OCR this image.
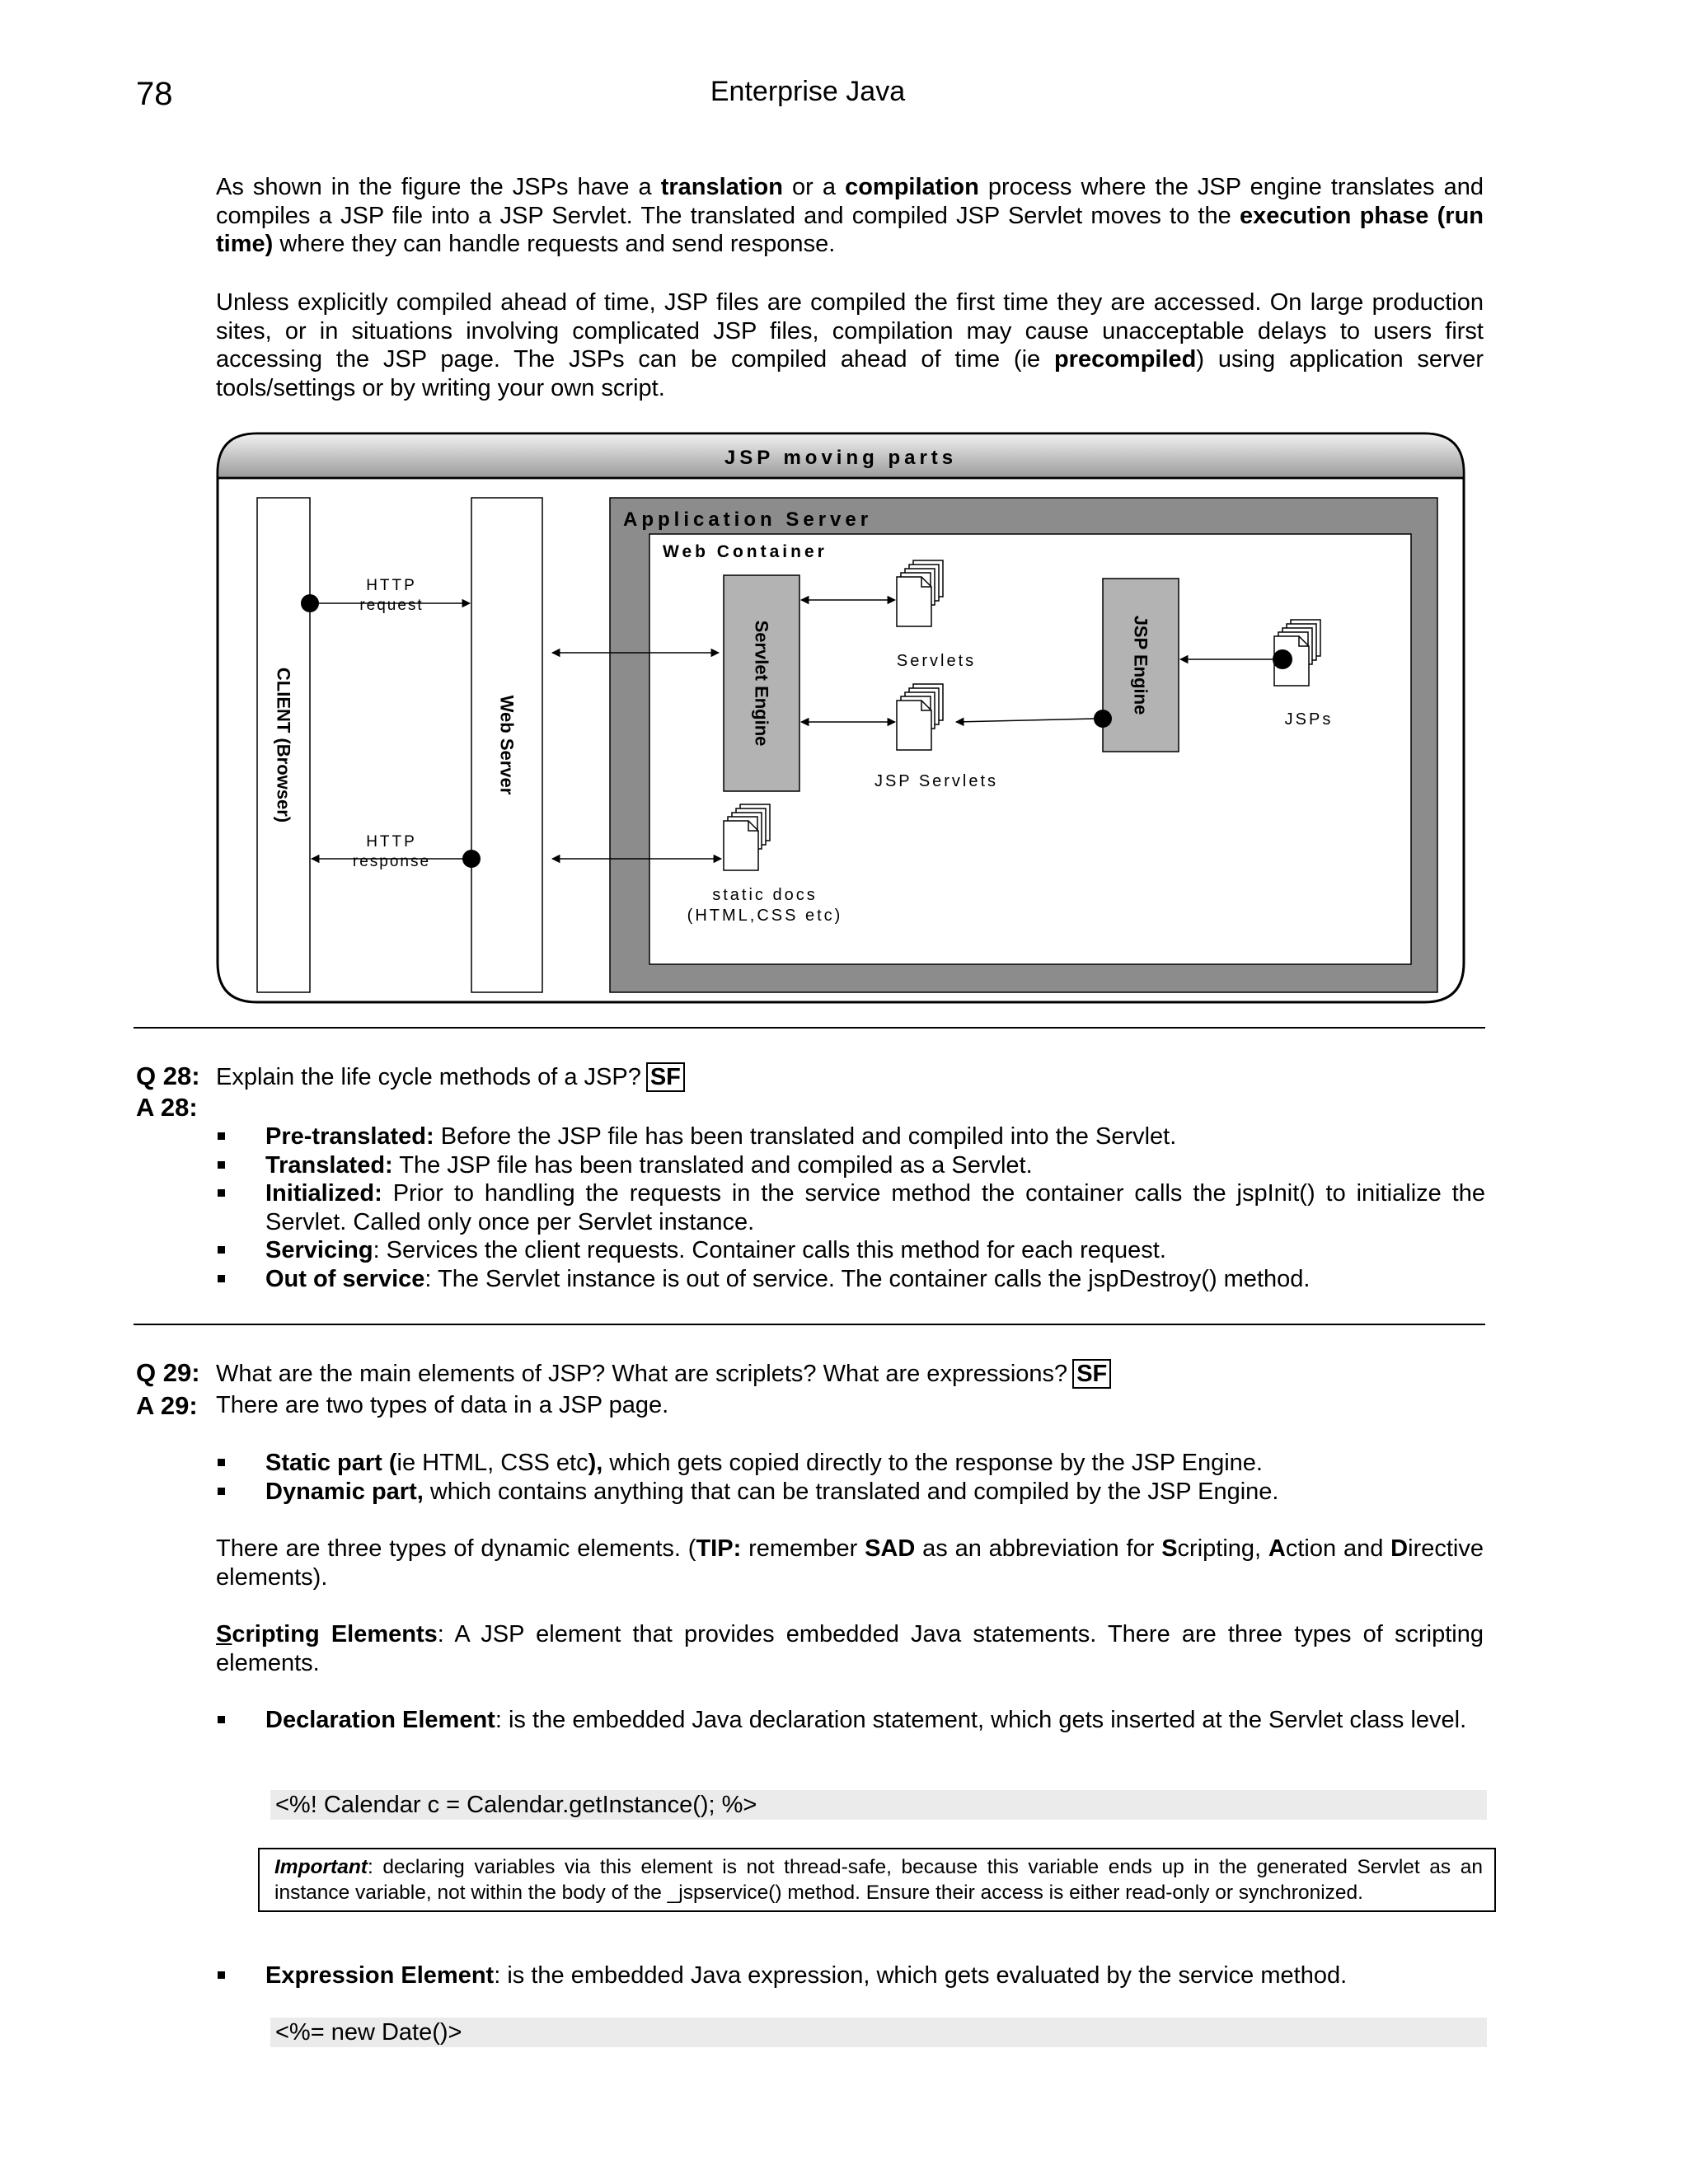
78	Enterprise Java
As shown in the figure the JSPs have a translation or a compilation process where the JSP engine translates and compiles a JSP file into a JSP Servlet. The translated and compiled JSP Servlet moves to the execution phase (run time) where they can handle requests and send response.
Unless explicitly compiled ahead of time, JSP files are compiled the first time they are accessed. On large production sites, or in situations involving complicated JSP files, compilation may cause unacceptable delays to users first accessing the JSP page. The JSPs can be compiled ahead of time (ie precompiled) using application server tools/settings or by writing your own script.
JSP moving parts
CLIENT (Browser)	Web Server
HTTP
request
HTTP
response
Application Server
Web Container
Servlet Engine	Servlets
JSP Servlets
JSP Engine
JSPs
static docs
(HTML,CSS etc)
Q 28: Explain the life cycle methods of a JSP? SF
A 28:
Pre-translated: Before the JSP file has been translated and compiled into the Servlet.
Translated: The JSP file has been translated and compiled as a Servlet.
Initialized: Prior to handling the requests in the service method the container calls the jspInit() to initialize the Servlet. Called only once per Servlet instance.
Servicing: Services the client requests. Container calls this method for each request.
Out of service: The Servlet instance is out of service. The container calls the jspDestroy() method.
Q 29: What are the main elements of JSP? What are scriplets? What are expressions? SF
A 29: There are two types of data in a JSP page.
Static part (ie HTML, CSS etc), which gets copied directly to the response by the JSP Engine.
Dynamic part, which contains anything that can be translated and compiled by the JSP Engine.
There are three types of dynamic elements. (TIP: remember SAD as an abbreviation for Scripting, Action and Directive elements).
Scripting Elements: A JSP element that provides embedded Java statements. There are three types of scripting elements.
Declaration Element: is the embedded Java declaration statement, which gets inserted at the Servlet class level.
<%! Calendar c = Calendar.getInstance(); %>
Important: declaring variables via this element is not thread-safe, because this variable ends up in the generated Servlet as an instance variable, not within the body of the _jspservice() method. Ensure their access is either read-only or synchronized.
Expression Element: is the embedded Java expression, which gets evaluated by the service method.
<%= new Date()>
